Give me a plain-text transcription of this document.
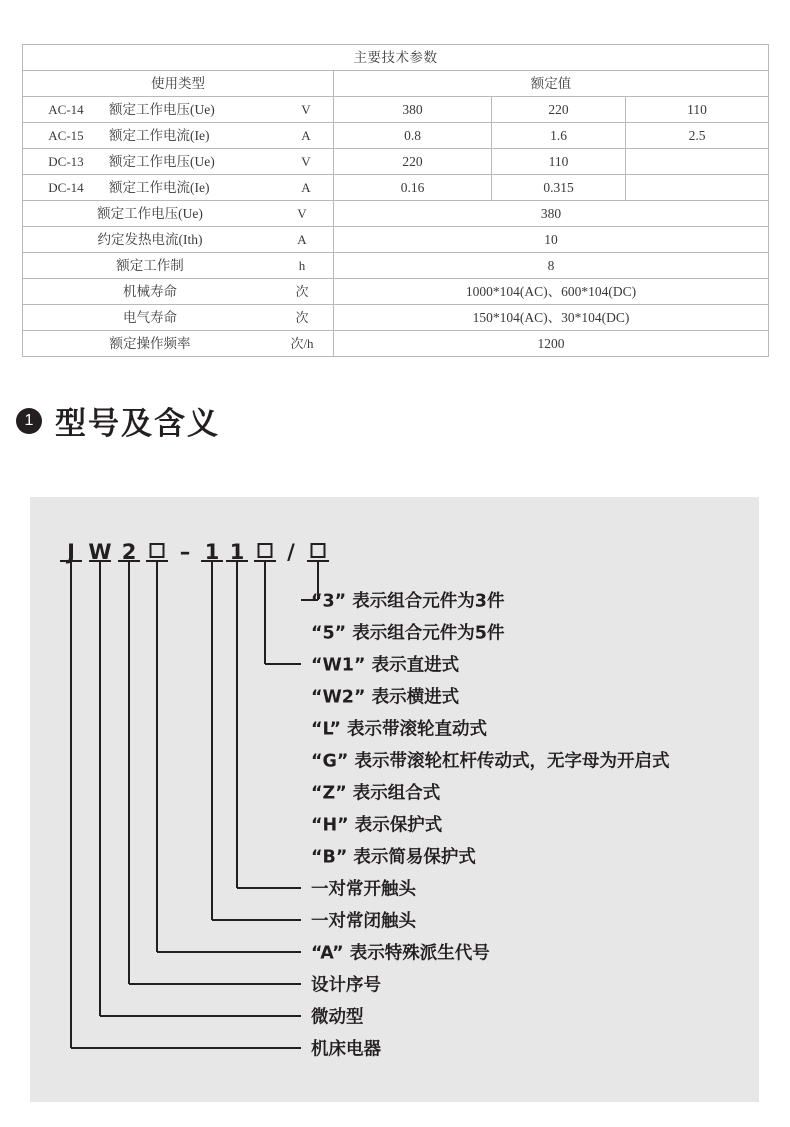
主要技术参数			
使用类型	额定值		

AC-14 额定工作电压(Ue) V	380	220	110

AC-15 额定工作电流(Ie) A	0.8	1.6	2.5

DC-13 额定工作电压(Ue) V	220	110	

DC-14 额定工作电流(Ie) A	0.16	0.315	

额定工作电压(Ue) V	380		

约定发热电流(Ith) A	10		

额定工作制 h	8		

机械寿命 次	1000*104(AC)、600*104(DC)		

电气寿命 次	150*104(AC)、30*104(DC)		

额定操作频率 次/h	1200		
1 型号及含义
J W 2 – 1 1 /
“3” 表示组合元件为3件
“5” 表示组合元件为5件
“W1” 表示直进式
“W2” 表示横进式
“L” 表示带滚轮直动式
“G” 表示带滚轮杠杆传动式，无字母为开启式
“Z” 表示组合式
“H” 表示保护式
“B” 表示简易保护式
一对常开触头
一对常闭触头
“A” 表示特殊派生代号
设计序号
微动型
机床电器
